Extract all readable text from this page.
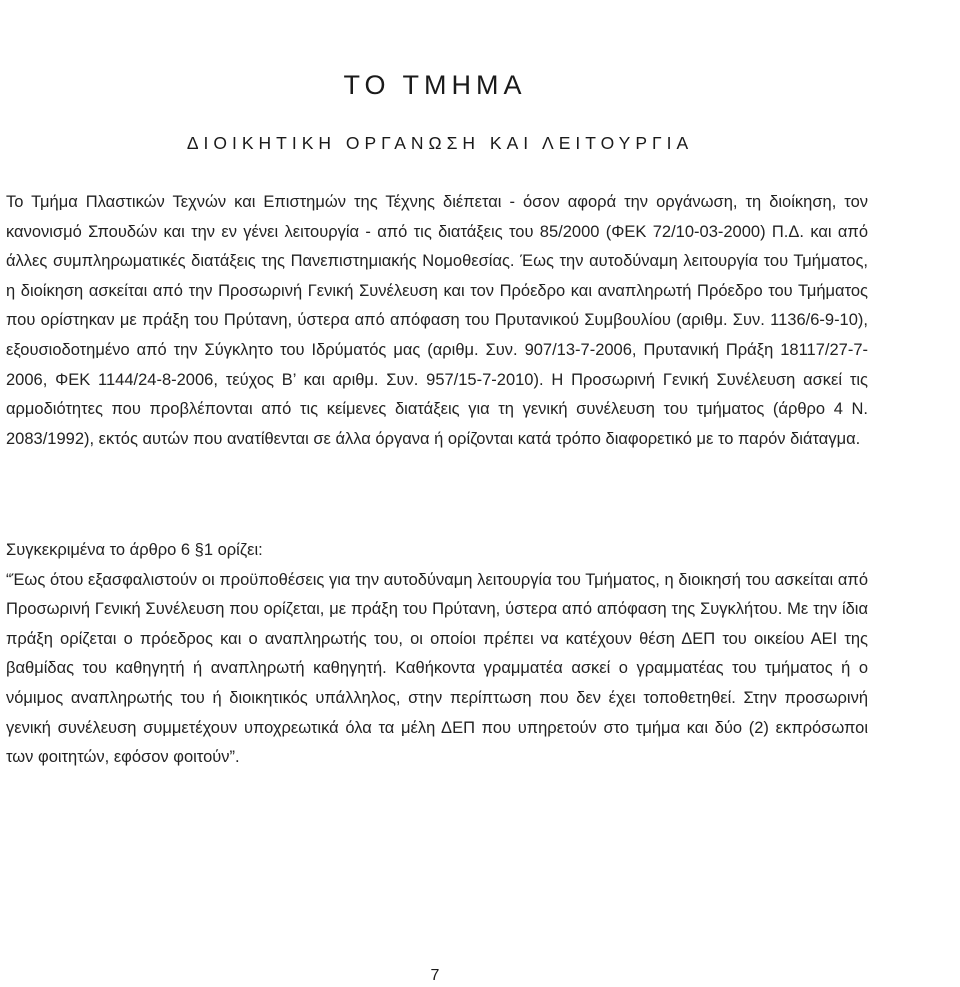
ΤΟ ΤΜΗΜΑ
ΔΙΟΙΚΗΤΙΚΗ ΟΡΓΑΝΩΣΗ ΚΑΙ ΛΕΙΤΟΥΡΓΙΑ

Το Τμήμα Πλαστικών Τεχνών και Επιστημών της Τέχνης διέπεται - όσον αφορά την οργάνωση, τη διοίκηση, τον κανονισμό Σπουδών και την εν γένει λειτουργία - από τις διατάξεις του 85/2000 (ΦΕΚ 72/10-03-2000) Π.Δ. και από άλλες συμπληρωματικές διατάξεις της Πανεπιστημιακής Νομοθεσίας. Έως την αυτοδύναμη λειτουργία του Τμήματος, η διοίκηση ασκείται από την Προσωρινή Γενική Συνέλευση και τον Πρόεδρο και αναπληρωτή Πρόεδρο του Τμήματος που ορίστηκαν με πράξη του Πρύτανη, ύστερα από απόφαση του Πρυτανικού Συμβουλίου (αριθμ. Συν. 1136/6-9-10), εξουσιοδοτημένο από την Σύγκλητο του Ιδρύματός μας (αριθμ. Συν. 907/13-7-2006, Πρυτανική Πράξη 18117/27-7-2006, ΦΕΚ 1144/24-8-2006, τεύχος Β’ και αριθμ. Συν. 957/15-7-2010). Η Προσωρινή Γενική Συνέλευση ασκεί τις αρμοδιότητες που προβλέπονται από τις κείμενες διατάξεις για τη γενική συνέλευση του τμήματος (άρθρο 4 Ν. 2083/1992), εκτός αυτών που ανατίθενται σε άλλα όργανα ή ορίζονται κατά τρόπο διαφορετικό με το παρόν διάταγμα.

Συγκεκριμένα το άρθρο 6 §1 ορίζει:

“Έως ότου εξασφαλιστούν οι προϋποθέσεις για την αυτοδύναμη λειτουργία του Τμήματος, η διοικησή του ασκείται από Προσωρινή Γενική Συνέλευση που ορίζεται, με πράξη του Πρύτανη, ύστερα από απόφαση της Συγκλήτου. Με την ίδια πράξη ορίζεται ο πρόεδρος και ο αναπληρωτής του, οι οποίοι πρέπει να κατέχουν θέση ΔΕΠ του οικείου ΑΕΙ της βαθμίδας του καθηγητή ή αναπληρωτή καθηγητή. Καθήκοντα γραμματέα ασκεί ο γραμματέας του τμήματος ή ο νόμιμος αναπληρωτής του ή διοικητικός υπάλληλος, στην περίπτωση που δεν έχει τοποθετηθεί. Στην προσωρινή γενική συνέλευση συμμετέχουν υποχρεωτικά όλα τα μέλη ΔΕΠ που υπηρετούν στο τμήμα και δύο (2) εκπρόσωποι των φοιτητών, εφόσον φοιτούν”.

7
